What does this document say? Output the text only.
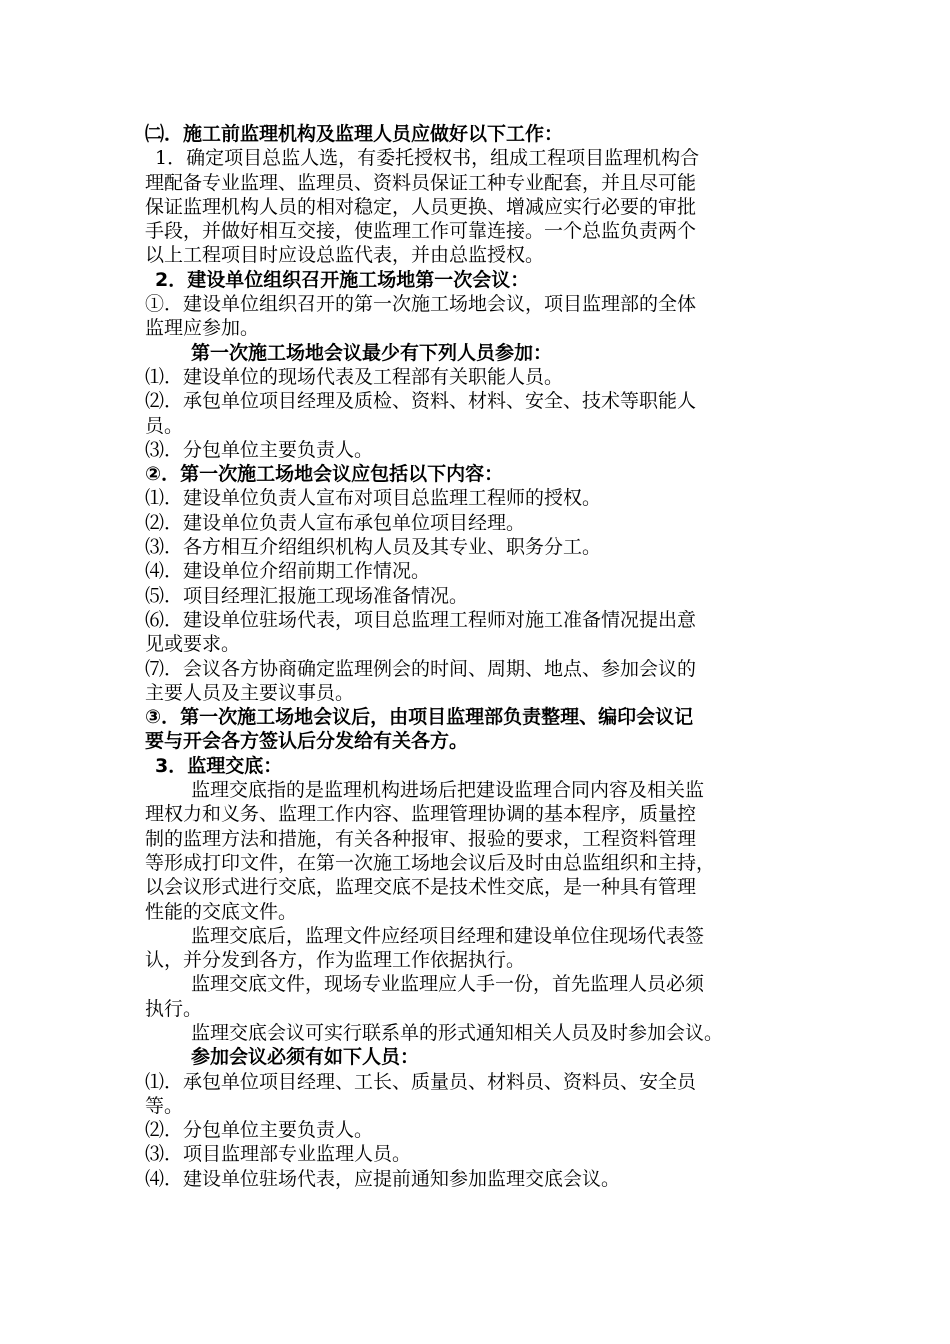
㈡．施工前监理机构及监理人员应做好以下工作：
1．确定项目总监人选，有委托授权书，组成工程项目监理机构合
理配备专业监理、监理员、资料员保证工种专业配套，并且尽可能
保证监理机构人员的相对稳定，人员更换、增减应实行必要的审批
手段，并做好相互交接，使监理工作可靠连接。一个总监负责两个
以上工程项目时应设总监代表，并由总监授权。
2．建设单位组织召开施工场地第一次会议：
①．建设单位组织召开的第一次施工场地会议，项目监理部的全体
监理应参加。
第一次施工场地会议最少有下列人员参加：
⑴．建设单位的现场代表及工程部有关职能人员。
⑵．承包单位项目经理及质检、资料、材料、安全、技术等职能人
员。
⑶．分包单位主要负责人。
②．第一次施工场地会议应包括以下内容：
⑴．建设单位负责人宣布对项目总监理工程师的授权。
⑵．建设单位负责人宣布承包单位项目经理。
⑶．各方相互介绍组织机构人员及其专业、职务分工。
⑷．建设单位介绍前期工作情况。
⑸．项目经理汇报施工现场准备情况。
⑹．建设单位驻场代表，项目总监理工程师对施工准备情况提出意
见或要求。
⑺．会议各方协商确定监理例会的时间、周期、地点、参加会议的
主要人员及主要议事员。
③．第一次施工场地会议后，由项目监理部负责整理、编印会议记
要与开会各方签认后分发给有关各方。
3．监理交底：
监理交底指的是监理机构进场后把建设监理合同内容及相关监
理权力和义务、监理工作内容、监理管理协调的基本程序，质量控
制的监理方法和措施，有关各种报审、报验的要求，工程资料管理
等形成打印文件，在第一次施工场地会议后及时由总监组织和主持，
以会议形式进行交底，监理交底不是技术性交底，是一种具有管理
性能的交底文件。
监理交底后，监理文件应经项目经理和建设单位住现场代表签
认，并分发到各方，作为监理工作依据执行。
监理交底文件，现场专业监理应人手一份，首先监理人员必须
执行。
监理交底会议可实行联系单的形式通知相关人员及时参加会议。
参加会议必须有如下人员：
⑴．承包单位项目经理、工长、质量员、材料员、资料员、安全员
等。
⑵．分包单位主要负责人。
⑶．项目监理部专业监理人员。
⑷．建设单位驻场代表，应提前通知参加监理交底会议。
